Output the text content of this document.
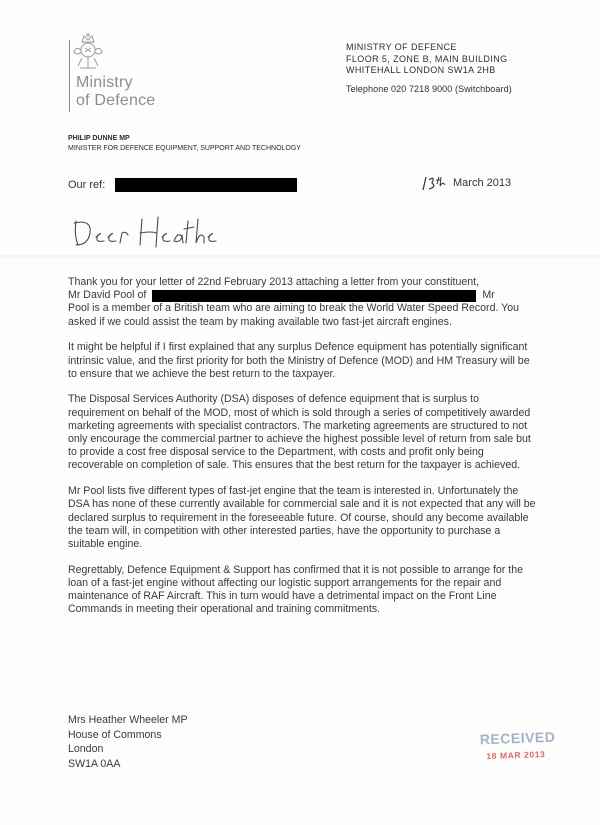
Ministry
of Defence
MINISTRY OF DEFENCE
FLOOR 5, ZONE B, MAIN BUILDING
WHITEHALL LONDON SW1A 2HB
Telephone 020 7218 9000 (Switchboard)
PHILIP DUNNE MP
MINISTER FOR DEFENCE EQUIPMENT, SUPPORT AND TECHNOLOGY
Our ref:	March 2013

Thank you for your letter of 22nd February 2013 attaching a letter from your constituent,

Mr David Pool of	Mr
Pool is a member of a British team who are aiming to break the World Water Speed Record. You asked if we could assist the team by making available two fast-jet aircraft engines.

It might be helpful if I first explained that any surplus Defence equipment has potentially significant intrinsic value, and the first priority for both the Ministry of Defence (MOD) and HM Treasury will be to ensure that we achieve the best return to the taxpayer.

The Disposal Services Authority (DSA) disposes of defence equipment that is surplus to requirement on behalf of the MOD, most of which is sold through a series of competitively awarded marketing agreements with specialist contractors. The marketing agreements are structured to not only encourage the commercial partner to achieve the highest possible level of return from sale but to provide a cost free disposal service to the Department, with costs and profit only being recoverable on completion of sale. This ensures that the best return for the taxpayer is achieved.

Mr Pool lists five different types of fast-jet engine that the team is interested in. Unfortunately the DSA has none of these currently available for commercial sale and it is not expected that any will be declared surplus to requirement in the foreseeable future. Of course, should any become available the team will, in competition with other interested parties, have the opportunity to purchase a suitable engine.

Regrettably, Defence Equipment & Support has confirmed that it is not possible to arrange for the loan of a fast-jet engine without affecting our logistic support arrangements for the repair and maintenance of RAF Aircraft. This in turn would have a detrimental impact on the Front Line Commands in meeting their operational and training commitments.

Mrs Heather Wheeler MP
House of Commons
London
SW1A 0AA
RECEIVED
18 MAR 2013
